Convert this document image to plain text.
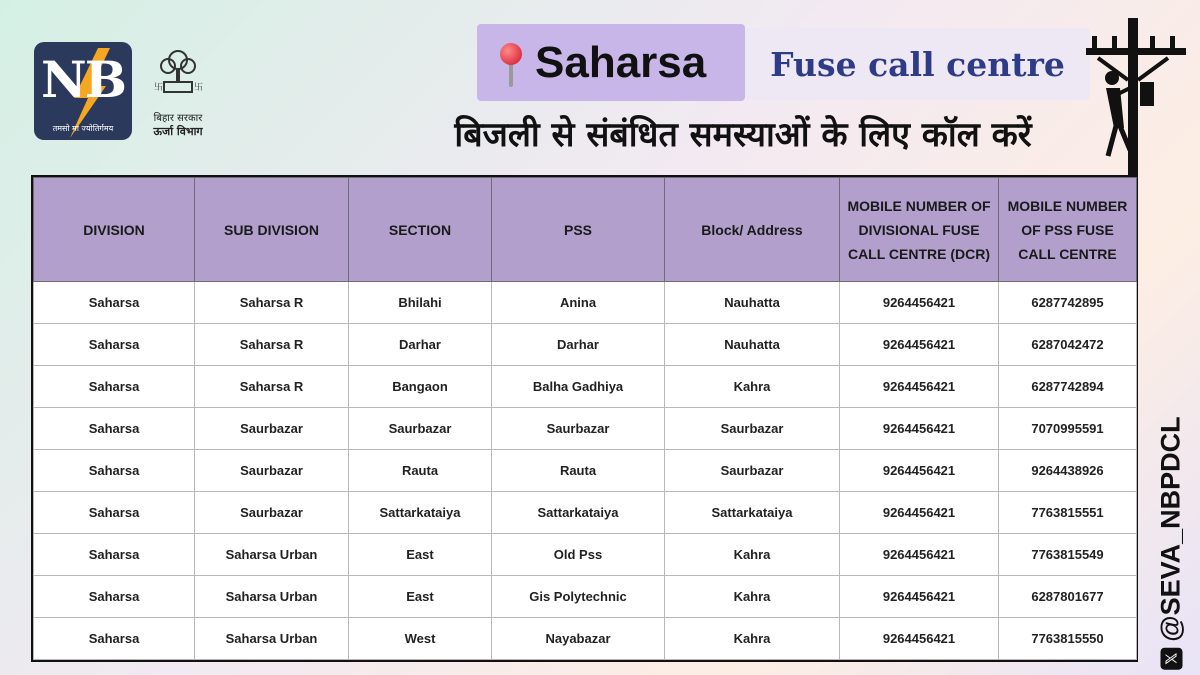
NB
तमसो मा ज्योतिर्गमय
卐	卐
बिहार सरकार
ऊर्जा विभाग
Saharsa Fuse call centre
बिजली से संबंधित समस्याओं के लिए कॉल करें
𝕏
@SEVA_NBPDCL
DIVISION	SUB DIVISION	SECTION	PSS	Block/ Address	MOBILE NUMBER OF DIVISIONAL FUSE CALL CENTRE (DCR)	MOBILE NUMBER OF PSS FUSE CALL CENTRE
Saharsa	Saharsa R	Bhilahi	Anina	Nauhatta	9264456421	6287742895
Saharsa	Saharsa R	Darhar	Darhar	Nauhatta	9264456421	6287042472
Saharsa	Saharsa R	Bangaon	Balha Gadhiya	Kahra	9264456421	6287742894
Saharsa	Saurbazar	Saurbazar	Saurbazar	Saurbazar	9264456421	7070995591
Saharsa	Saurbazar	Rauta	Rauta	Saurbazar	9264456421	9264438926
Saharsa	Saurbazar	Sattarkataiya	Sattarkataiya	Sattarkataiya	9264456421	7763815551
Saharsa	Saharsa Urban	East	Old Pss	Kahra	9264456421	7763815549
Saharsa	Saharsa Urban	East	Gis Polytechnic	Kahra	9264456421	6287801677
Saharsa	Saharsa Urban	West	Nayabazar	Kahra	9264456421	7763815550
